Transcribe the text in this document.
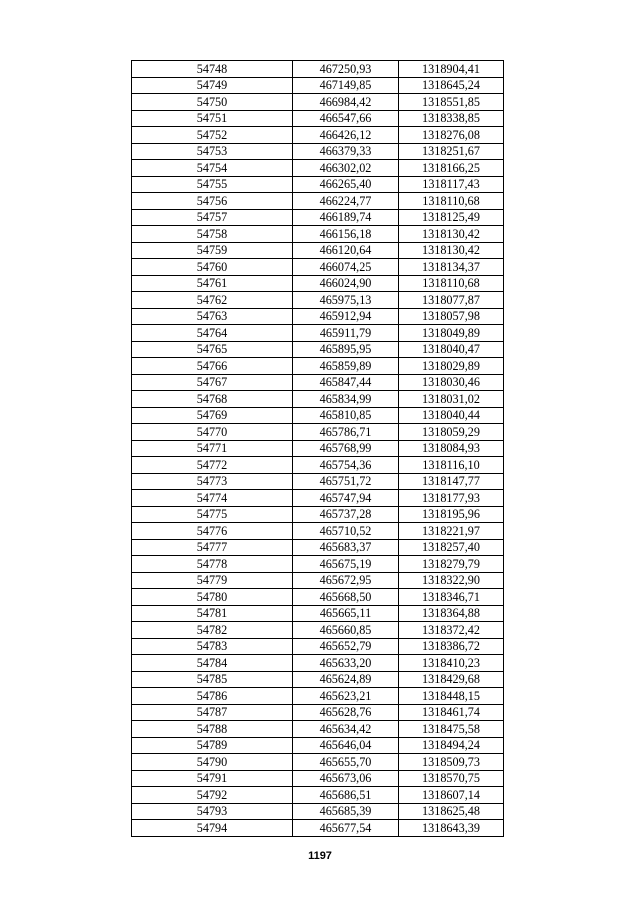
54748	467250,93	1318904,41
54749	467149,85	1318645,24
54750	466984,42	1318551,85
54751	466547,66	1318338,85
54752	466426,12	1318276,08
54753	466379,33	1318251,67
54754	466302,02	1318166,25
54755	466265,40	1318117,43
54756	466224,77	1318110,68
54757	466189,74	1318125,49
54758	466156,18	1318130,42
54759	466120,64	1318130,42
54760	466074,25	1318134,37
54761	466024,90	1318110,68
54762	465975,13	1318077,87
54763	465912,94	1318057,98
54764	465911,79	1318049,89
54765	465895,95	1318040,47
54766	465859,89	1318029,89
54767	465847,44	1318030,46
54768	465834,99	1318031,02
54769	465810,85	1318040,44
54770	465786,71	1318059,29
54771	465768,99	1318084,93
54772	465754,36	1318116,10
54773	465751,72	1318147,77
54774	465747,94	1318177,93
54775	465737,28	1318195,96
54776	465710,52	1318221,97
54777	465683,37	1318257,40
54778	465675,19	1318279,79
54779	465672,95	1318322,90
54780	465668,50	1318346,71
54781	465665,11	1318364,88
54782	465660,85	1318372,42
54783	465652,79	1318386,72
54784	465633,20	1318410,23
54785	465624,89	1318429,68
54786	465623,21	1318448,15
54787	465628,76	1318461,74
54788	465634,42	1318475,58
54789	465646,04	1318494,24
54790	465655,70	1318509,73
54791	465673,06	1318570,75
54792	465686,51	1318607,14
54793	465685,39	1318625,48
54794	465677,54	1318643,39
1197
